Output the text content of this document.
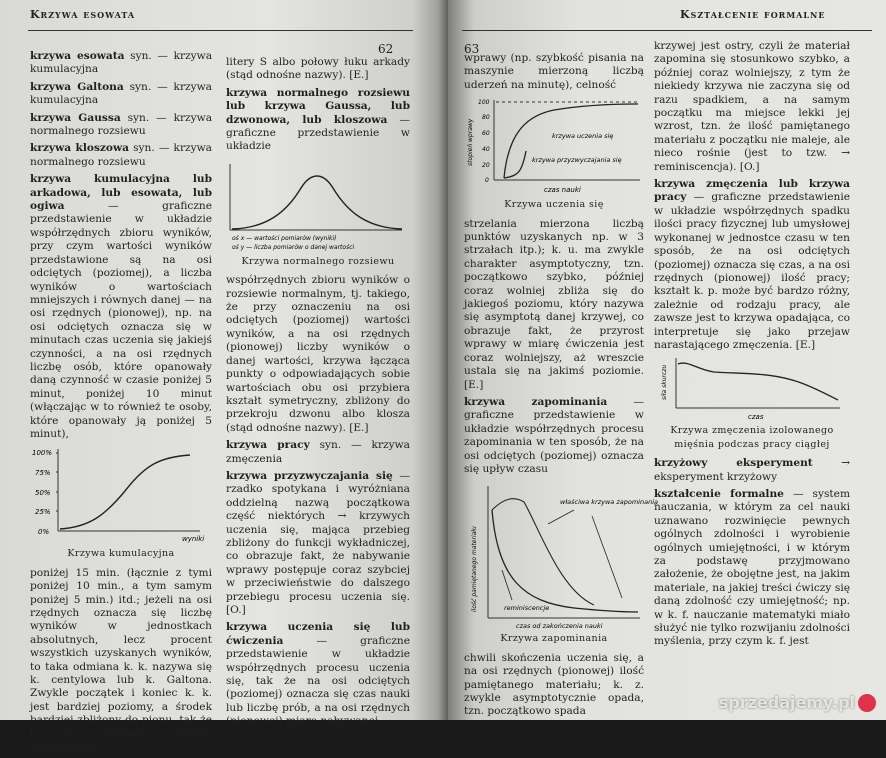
Krzywa esowata
62

krzywa esowata syn. — krzywa kumulacyjna

krzywa Galtona syn. — krzywa kumulacyjna

krzywa Gaussa syn. — krzywa normalnego rozsiewu

krzywa kloszowa syn. — krzywa normalnego rozsiewu

krzywa kumulacyjna lub arkadowa, lub esowata, lub ogiwa	— graficzne przedstawienie w układzie współrzędnych zbioru wyników, przy czym wartości wyników przedstawione są na osi odciętych (poziomej), a liczba wyników o wartościach mniejszych i równych danej — na osi rzędnych (pionowej), np. na osi odciętych oznacza się w minutach czas uczenia się jakiejś czynności, a na osi rzędnych liczbę osób, które opanowały daną czynność w czasie poniżej 5 minut, poniżej 10 minut (włączając w to również te osoby, które opanowały ją poniżej 5 minut),

100%
75%
50%
25%
0%
wyniki
Krzywa kumulacyjna

poniżej 15 min. (łącznie z tymi poniżej 10 min., a tym samym poniżej 5 min.) itd.; jeżeli na osi rzędnych oznacza się liczbę wyników w jednostkach absolutnych, lecz procent wszystkich uzyskanych wyników, to taka odmiana k. k. nazywa się k. centylowa lub k. Galtona. Zwykle początek i koniec k. k. jest bardziej poziomy, a środek bardziej zbliżony do pionu, tak że k. k. przybiera kształt rozciągniętej

litery S albo połowy łuku arkady (stąd odnośne nazwy). [E.]

krzywa normalnego rozsiewu lub krzywa Gaussa, lub dzwonowa, lub kloszowa — graficzne przedstawienie w układzie

oś x — wartości pomiarów (wyniki)
oś y — liczba pomiarów o danej wartości
Krzywa normalnego rozsiewu

współrzędnych zbioru wyników o rozsiewie normalnym, tj. takiego, że przy oznaczeniu na osi odciętych (poziomej) wartości wyników, a na osi rzędnych (pionowej) liczby wyników o danej wartości, krzywa łącząca punkty o odpowiadających sobie wartościach obu osi przybiera kształt symetryczny, zbliżony do przekroju dzwonu albo klosza (stąd odnośne nazwy). [E.]

krzywa pracy syn. — krzywa zmęczenia

krzywa przyzwyczajania się — rzadko spotykana i wyróżniana oddzielną nazwą początkowa część niektórych → krzywych uczenia się, mająca przebieg zbliżony do funkcji wykładniczej, co obrazuje fakt, że nabywanie wprawy postępuje coraz szybciej w przeciwieństwie do dalszego przebiegu procesu uczenia się. [O.]

krzywa uczenia się lub ćwiczenia	— graficzne przedstawienie w układzie współrzędnych procesu uczenia się, tak że na osi odciętych (poziomej) oznacza się czas nauki lub liczbę prób, a na osi rzędnych (pionowej) miarę nabywanej

Kształcenie formalne
63

wprawy (np. szybkość pisania na maszynie mierzoną liczbą uderzeń na minutę), celność

100
80
60
40
20
0
stopień wprawy	krzywa uczenia się
krzywa przyzwyczajania się
czas nauki
Krzywa uczenia się

strzelania mierzona liczbą punktów uzyskanych np. w 3 strzałach itp.); k. u. ma zwykle charakter asymptotyczny, tzn. początkowo szybko, później coraz wolniej zbliża się do jakiegoś poziomu, który nazywa się asymptotą danej krzywej, co obrazuje fakt, że przyrost wprawy w miarę ćwiczenia jest coraz wolniejszy, aż wreszcie ustala się na jakimś poziomie. [E.]

krzywa zapominania — graficzne przedstawienie w układzie współrzędnych procesu zapominania w ten sposób, że na osi odciętych (poziomej) oznacza się upływ czasu

ilość pamiętanego materiału
właściwa krzywa zapominania
reminiscencje
czas od zakończenia nauki
Krzywa zapominania

chwili skończenia uczenia się, a na osi rzędnych (pionowej) ilość pamiętanego materiału; k. z. zwykle asymptotycznie opada, tzn. początkowo spada

krzywej jest ostry, czyli że materiał zapomina się stosunkowo szybko, a później coraz wolniejszy, z tym że niekiedy krzywa nie zaczyna się od razu spadkiem, a na samym początku ma miejsce lekki jej wzrost, tzn. że ilość pamiętanego materiału z początku nie maleje, ale nieco rośnie (jest to tzw. → reminiscencja). [O.]

krzywa zmęczenia lub krzywa pracy — graficzne przedstawienie w układzie współrzędnych spadku ilości pracy fizycznej lub umysłowej wykonanej w jednostce czasu w ten sposób, że na osi odciętych (poziomej) oznacza się czas, a na osi rzędnych (pionowej) ilość pracy; kształt k. p. może być bardzo różny, zależnie od rodzaju pracy, ale zawsze jest to krzywa opadająca, co interpretuje się jako przejaw narastającego zmęczenia. [E.]

siła skurczu
czas
Krzywa zmęczenia izolowanego mięśnia podczas pracy ciągłej

krzyżowy eksperyment	→ eksperyment krzyżowy

kształcenie formalne — system nauczania, w którym za cel nauki uznawano rozwinięcie pewnych ogólnych zdolności i wyrobienie ogólnych umiejętności, i w którym za podstawę przyjmowano założenie, że obojętne jest, na jakim materiale, na jakiej treści ćwiczy się daną zdolność czy umiejętność; np. w k. f. nauczanie matematyki miało służyć nie tylko rozwijaniu zdolności myślenia, przy czym k. f. jest

sprzedajemy.pl
